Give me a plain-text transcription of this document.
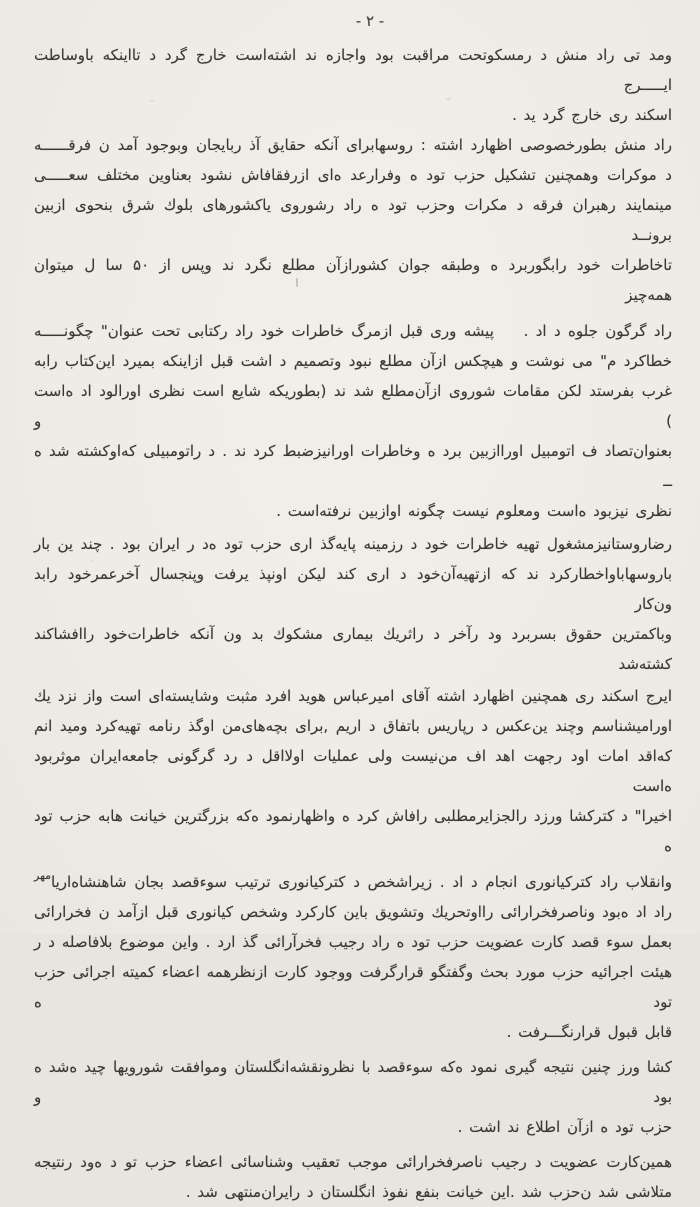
- ۲ -
ومد تی راد منش د رمسکوتحت مراقبت بود واجازه ند اشته‌است خارج گرد د تااینکه باوساطت ایـــــرج
اسکند ری خارج گرد ید .
راد منش بطورخصوصی اظهارد اشته : روسهابرای آنکه حقایق آذ ربایجان وبوجود آمد ن فرقــــــه
د موکرات وهمچنین تشکیل حزب تود ه وفرارعد ه‌ای ازرفقافاش نشود بعناوین مختلف سعـــــی
مینمایند رهبران فرقه د مکرات وحزب تود ه راد رشوروی یاکشورهای بلوك شرق بنحوی ازبین برونــد
تاخاطرات خود رابگوربرد ه وطبقه جوان کشورازآن مطلع نگرد ند وپس از ۵۰ سا ل میتوان همه‌چیز
راد گرگون جلوه د اد .   پیشه وری قبل ازمرگ خاطرات خود راد رکتابی تحت عنوان" چگونـــــه
خطاکرد م" می نوشت و هیچکس ازآن مطلع نبود وتصمیم د اشت قبل ازاینکه بمیرد این‌کتاب رابه
غرب بفرستد لکن مقامات شوروی ازآن‌مطلع شد ند (بطوریکه شایع است نظری اورالود اد ه‌است ) و
بعنوان‌تصاد ف اتومبیل اوراازبین برد ه وخاطرات اورانیزضبط کرد ند . د راتومبیلی که‌اوکشته شد ه ــ
نظری نیزبود ه‌است ومعلوم نیست چگونه اوازبین نرفته‌است .
رضاروستانیزمشغول تهیه خاطرات خود د رزمینه پایه‌گذ اری حزب تود ه‌د ر ایران بود . چند ین بار
باروسهاباواخطارکرد ند که ازتهیه‌آن‌خود د اری کند لیکن اونپذ یرفت وپنجسال آخرعمرخود رابد ون‌کار
وباکمترین حقوق بسربرد ود رآخر د راثریك بیماری مشکوك بد ون آنکه خاطرات‌خود راافشاکند کشته‌شد
ایرج اسکند ری همچنین اظهارد اشته آقای امیرعباس هوید افرد مثبت وشایسته‌ای است واز نزد یك
اورامیشناسم وچند ین‌عکس د رپاریس باتفاق د اریم ,برای بچه‌های‌من اوگذ رنامه تهیه‌کرد ومید انم
که‌اقد امات اود رجهت اهد اف من‌نیست ولی عملیات اولااقل د رد گرگونی جامعه‌ایران موثربود ه‌است
اخیرا" د کترکشا ورزد رالجزایرمطلبی رافاش کرد ه واظهارنمود ه‌که بزرگترین خیانت هابه حزب تود ه
وانقلاب راد کترکیانوری انجام د اد . زیراشخص د کترکیانوری ترتیب سوءقصد بجان شاهنشاه‌اریا$^{مهر}$
راد اد ه‌بود وناصرفخرارائی رااوتحریك وتشویق باین کارکرد وشخص کیانوری قبل ازآمد ن فخرارائی
بعمل سوء قصد کارت عضویت حزب تود ه راد رجیب فخرآرائی گذ ارد . واین موضوع بلافاصله د ر
هیئت اجرائیه حزب مورد بحث وگفتگو قرارگرفت ووجود کارت ازنظرهمه اعضاء کمیته اجرائی حزب تود ه
قابل قبول قرارنگـــرفت .
کشا ورز چنین نتیجه گیری نمود ه‌که سوءقصد با نظرونقشه‌انگلستان وموافقت شورویها چید ه‌شد ه بود و
حزب تود ه ازآن اطلاع ند اشت .
همین‌کارت عضویت د رجیب ناصرفخرارائی موجب تعقیب وشناسائی اعضاء حزب تو د ه‌ود رنتیجه
متلاشی شد ن‌حزب شد .این خیانت بنفع نفوذ انگلستان د رایران‌منتهی شد .
